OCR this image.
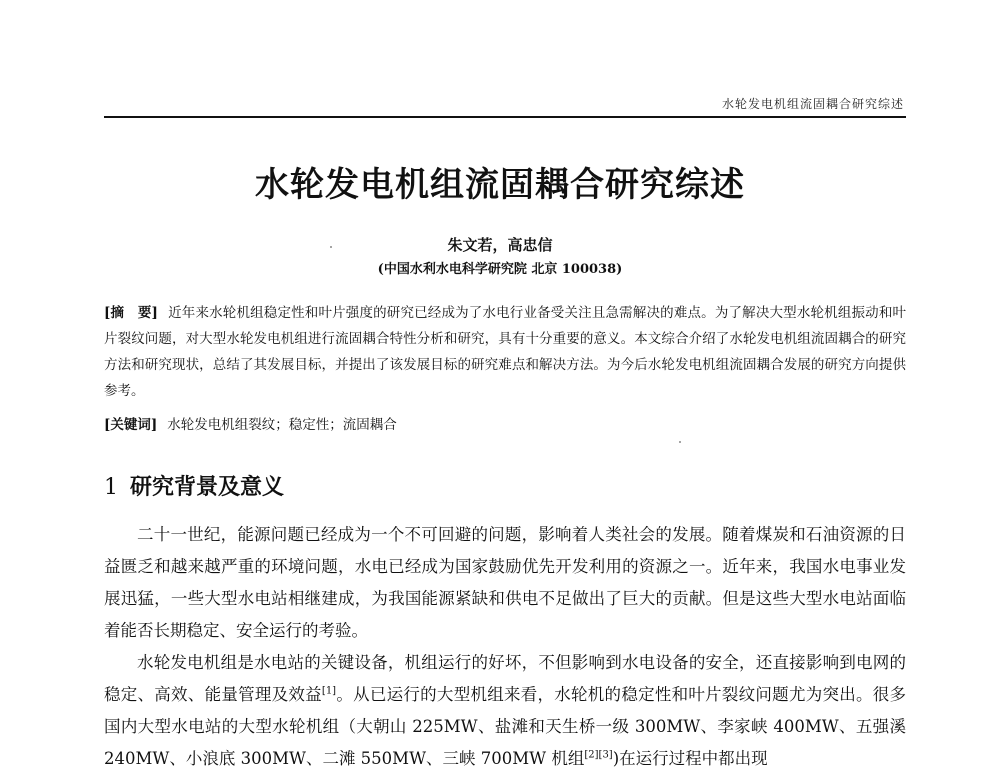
水轮发电机组流固耦合研究综述
水轮发电机组流固耦合研究综述
朱文若，高忠信
(中国水利水电科学研究院 北京 100038)
[摘　要] 近年来水轮机组稳定性和叶片强度的研究已经成为了水电行业备受关注且急需解决的难点。为了解决大型水轮机组振动和叶片裂纹问题，对大型水轮发电机组进行流固耦合特性分析和研究，具有十分重要的意义。本文综合介绍了水轮发电机组流固耦合的研究方法和研究现状，总结了其发展目标，并提出了该发展目标的研究难点和解决方法。为今后水轮发电机组流固耦合发展的研究方向提供参考。
[关键词] 水轮发电机组裂纹；稳定性；流固耦合
1 研究背景及意义

二十一世纪，能源问题已经成为一个不可回避的问题，影响着人类社会的发展。随着煤炭和石油资源的日益匮乏和越来越严重的环境问题，水电已经成为国家鼓励优先开发利用的资源之一。近年来，我国水电事业发展迅猛，一些大型水电站相继建成，为我国能源紧缺和供电不足做出了巨大的贡献。但是这些大型水电站面临着能否长期稳定、安全运行的考验。

水轮发电机组是水电站的关键设备，机组运行的好坏，不但影响到水电设备的安全，还直接影响到电网的稳定、高效、能量管理及效益[1]。从已运行的大型机组来看，水轮机的稳定性和叶片裂纹问题尤为突出。很多国内大型水电站的大型水轮机组（大朝山 225MW、盐滩和天生桥一级 300MW、李家峡 400MW、五强溪 240MW、小浪底 300MW、二滩 550MW、三峡 700MW 机组[2][3])在运行过程中都出现
